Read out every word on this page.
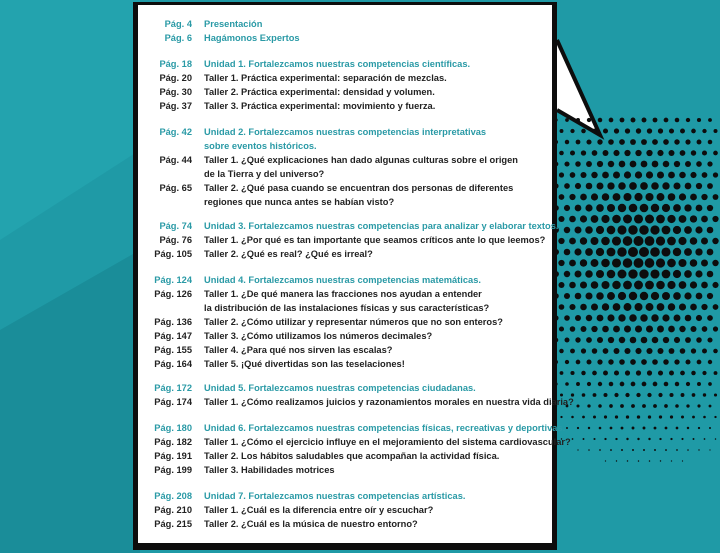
Pág. 4 Presentación
Pág. 6 Hagámonos Expertos
Pág. 18 Unidad 1. Fortalezcamos nuestras competencias científicas.
Pág. 20 Taller 1. Práctica experimental: separación de mezclas.
Pág. 30 Taller 2. Práctica experimental: densidad y volumen.
Pág. 37 Taller 3. Práctica experimental: movimiento y fuerza.
Pág. 42 Unidad 2. Fortalezcamos nuestras competencias interpretativas
sobre eventos históricos.
Pág. 44 Taller 1. ¿Qué explicaciones han dado algunas culturas sobre el origen
de la Tierra y del universo?
Pág. 65 Taller 2. ¿Qué pasa cuando se encuentran dos personas de diferentes
regiones que nunca antes se habían visto?
Pág. 74 Unidad 3. Fortalezcamos nuestras competencias para analizar y elaborar textos.
Pág. 76 Taller 1. ¿Por qué es tan importante que seamos críticos ante lo que leemos?
Pág. 105 Taller 2. ¿Qué es real? ¿Qué es irreal?
Pág. 124 Unidad 4. Fortalezcamos nuestras competencias matemáticas.
Pág. 126 Taller 1. ¿De qué manera las fracciones nos ayudan a entender
la distribución de las instalaciones físicas y sus características?
Pág. 136 Taller 2. ¿Cómo utilizar y representar números que no son enteros?
Pág. 147 Taller 3. ¿Cómo utilizamos los números decimales?
Pág. 155 Taller 4. ¿Para qué nos sirven las escalas?
Pág. 164 Taller 5. ¡Qué divertidas son las teselaciones!
Pág. 172 Unidad 5. Fortalezcamos nuestras competencias ciudadanas.
Pág. 174 Taller 1. ¿Cómo realizamos juicios y razonamientos morales en nuestra vida diaria?
Pág. 180 Unidad 6. Fortalezcamos nuestras competencias físicas, recreativas y deportivas.
Pág. 182 Taller 1. ¿Cómo el ejercicio influye en el mejoramiento del sistema cardiovascular?
Pág. 191 Taller 2. Los hábitos saludables que acompañan la actividad física.
Pág. 199 Taller 3. Habilidades motrices
Pág. 208 Unidad 7. Fortalezcamos nuestras competencias artísticas.
Pág. 210 Taller 1. ¿Cuál es la diferencia entre oír y escuchar?
Pág. 215 Taller 2. ¿Cuál es la música de nuestro entorno?
